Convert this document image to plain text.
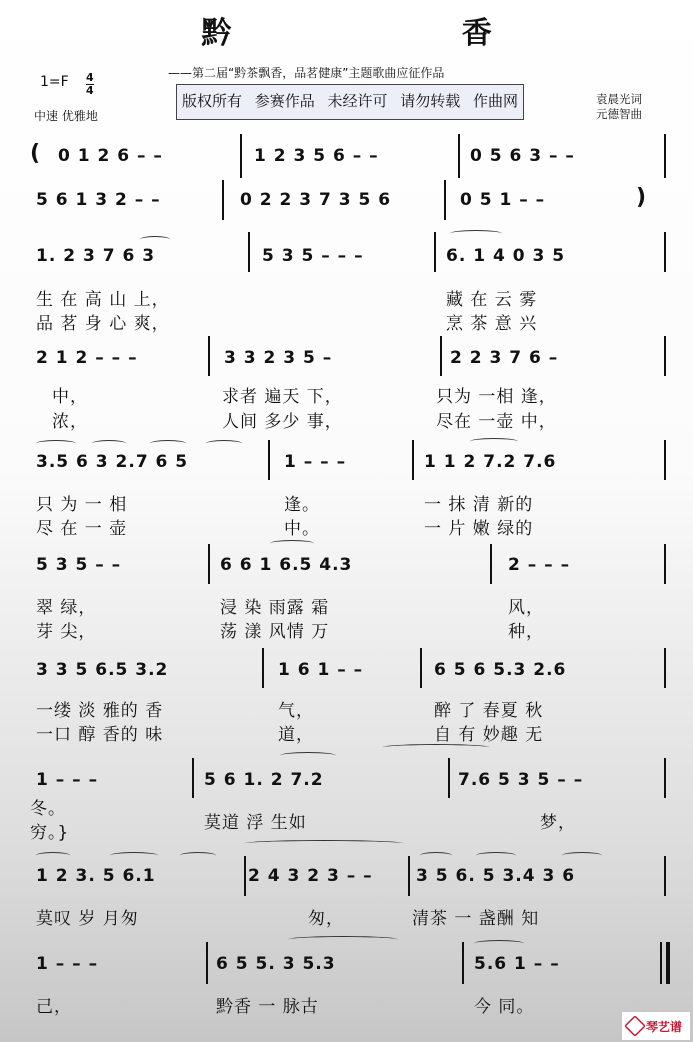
黔 香
——第二届“黔茶飘香，品茗健康”主题歌曲应征作品
1=F 4
4
中速 优雅地
版权所有 参赛作品 未经许可 请勿转载 作曲网	袁晨光词
元德智曲
( 0 1 2 6 – –	1 2 3 5 6 – –	0 5 6 3 – –
5 6 1 3 2 – –	0 2 2 3 7 3 5 6	0 5 1 – –	)
1. 2 3 7 6 3	5 3 5 – – –	6. 1 4 0 3 5
生 在 高 山 上，	藏 在 云 雾
品 茗 身 心 爽，	烹 茶 意 兴
2 1 2 – – –	3 3 2 3 5 –	2 2 3 7 6 –
中，	求者 遍天 下，	只为 一相 逢，
浓，	人间 多少 事，	尽在 一壶 中，
3.5 6 3 2.7 6 5	1 – – –	1 1 2 7.2 7.6
只 为 一 相	逢。	一 抹 清 新的
尽 在 一 壶	中。	一 片 嫩 绿的
5 3 5 – –	6 6 1 6.5 4.3	2 – – –
翠 绿，	浸 染 雨露 霜	风，
芽 尖，	荡 漾 风情 万	种，
3 3 5 6.5 3.2	1 6 1 – –	6 5 6 5.3 2.6
一缕 淡 雅的 香	气，	醉 了 春夏 秋
一口 醇 香的 味	道，	自 有 妙趣 无
1 – – –	5 6 1. 2 7.2	7.6 5 3 5 – –
冬。
莫道 浮 生如	梦，
穷。}
1 2 3. 5 6.1	2 4 3 2 3 – –	3 5 6. 5 3.4 3 6
莫叹 岁 月匆	匆，	清茶 一 盏酬 知
1 – – –	6 5 5. 3 5.3	5.6 1 – –
己，	黔香 一 脉古	今 同。
琴艺谱
